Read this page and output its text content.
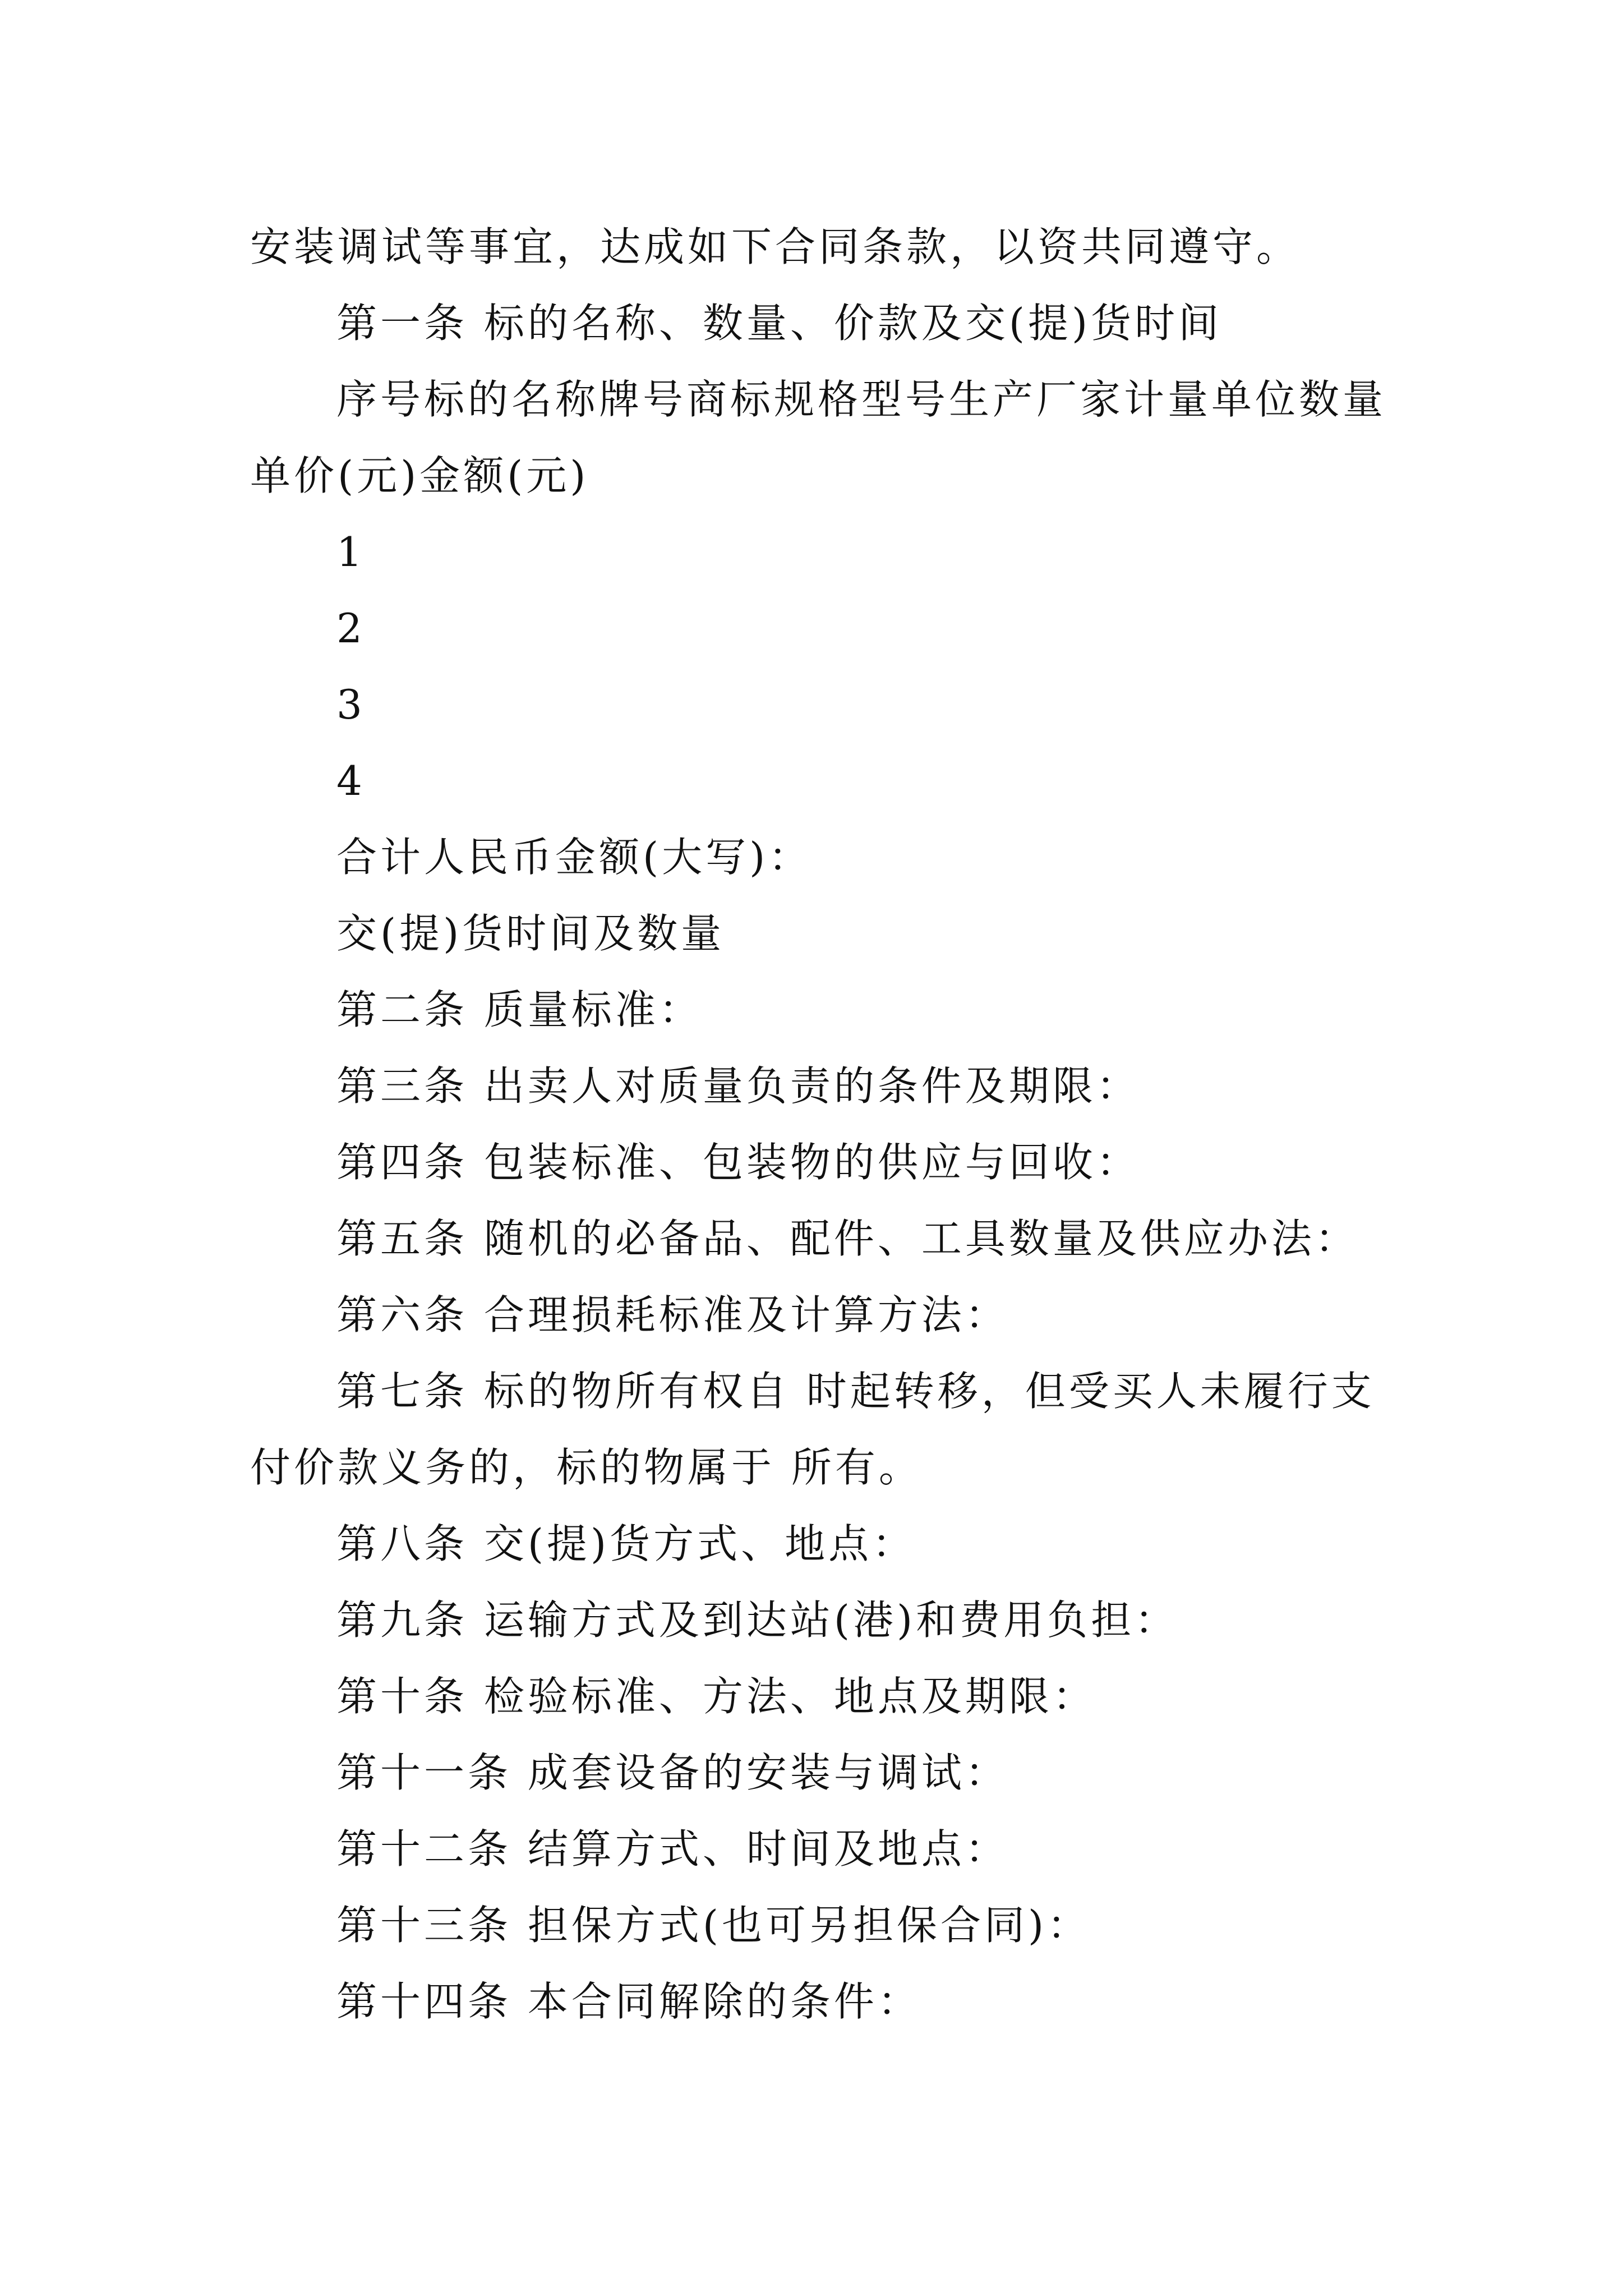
安装调试等事宜，达成如下合同条款，以资共同遵守。

第一条 标的名称、数量、价款及交(提)货时间

序号标的名称牌号商标规格型号生产厂家计量单位数量单价(元)金额(元)

1

2

3

4

合计人民币金额(大写)：

交(提)货时间及数量

第二条 质量标准：

第三条 出卖人对质量负责的条件及期限：

第四条 包装标准、包装物的供应与回收：

第五条 随机的必备品、配件、工具数量及供应办法：

第六条 合理损耗标准及计算方法：

第七条 标的物所有权自 时起转移，但受买人未履行支付价款义务的，标的物属于 所有。

第八条 交(提)货方式、地点：

第九条 运输方式及到达站(港)和费用负担：

第十条 检验标准、方法、地点及期限：

第十一条 成套设备的安装与调试：

第十二条 结算方式、时间及地点：

第十三条 担保方式(也可另担保合同)：

第十四条 本合同解除的条件：
